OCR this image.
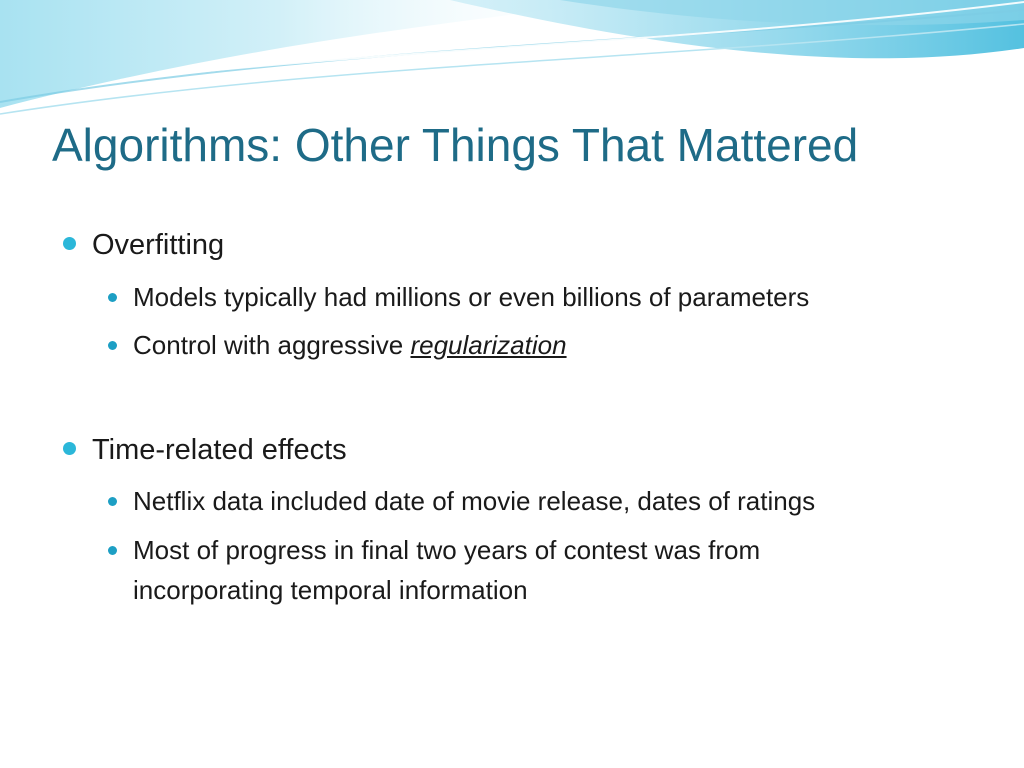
Algorithms: Other Things That Mattered
Overfitting
Models typically had millions or even billions of parameters
Control with aggressive regularization
Time-related effects
Netflix data included date of movie release, dates of ratings
Most of progress in final two years of contest was from
incorporating temporal information
